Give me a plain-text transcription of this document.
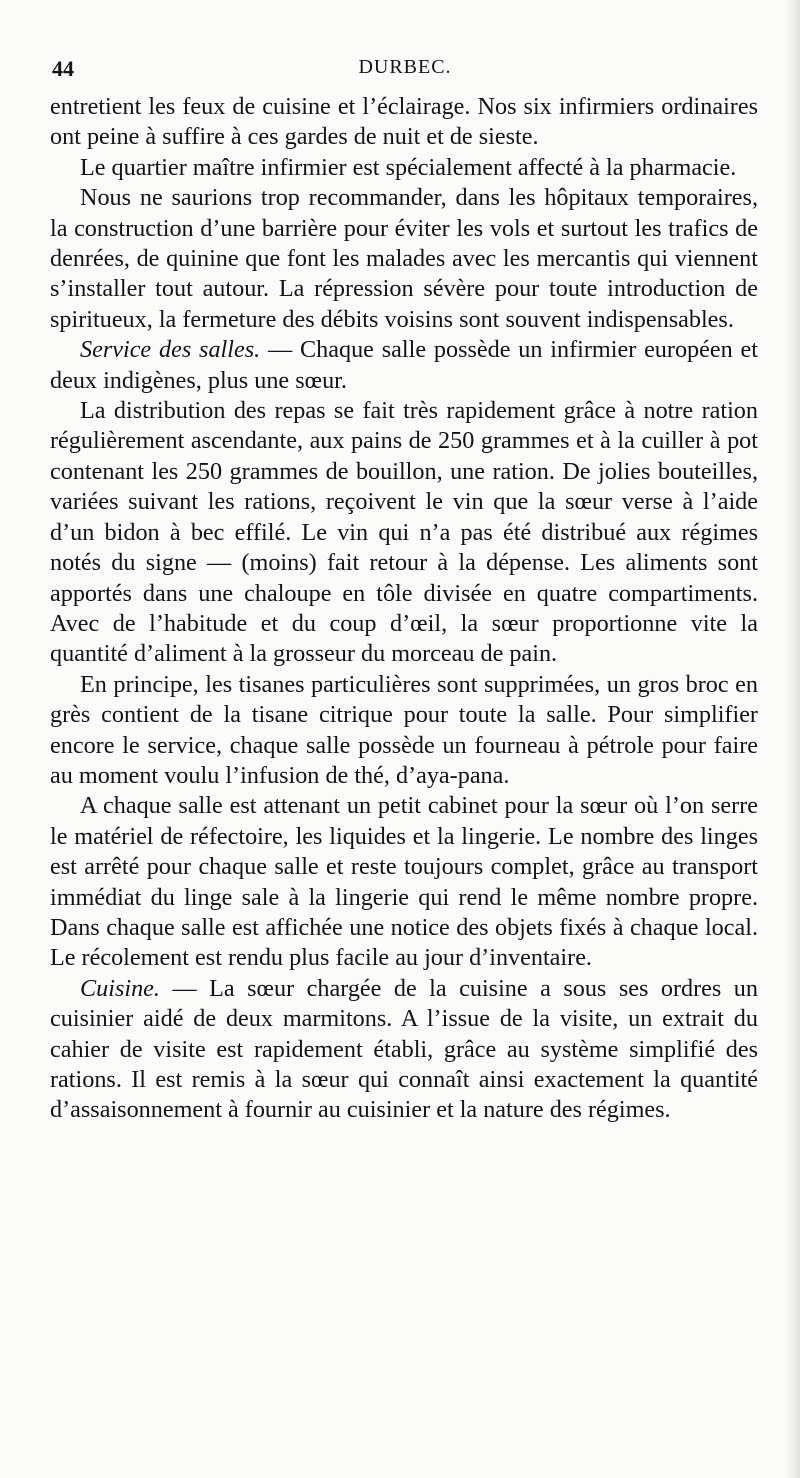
44	DURBEC.

entretient les feux de cuisine et l’éclairage. Nos six infirmiers ordinaires ont peine à suffire à ces gardes de nuit et de sieste.

Le quartier maître infirmier est spécialement affecté à la pharmacie.

Nous ne saurions trop recommander, dans les hôpitaux temporaires, la construction d’une barrière pour éviter les vols et surtout les trafics de denrées, de quinine que font les malades avec les mercantis qui viennent s’installer tout autour. La répression sévère pour toute introduction de spiritueux, la fermeture des débits voisins sont souvent indispensables.

Service des salles. — Chaque salle possède un infirmier européen et deux indigènes, plus une sœur.

La distribution des repas se fait très rapidement grâce à notre ration régulièrement ascendante, aux pains de 250 grammes et à la cuiller à pot contenant les 250 grammes de bouillon, une ration. De jolies bouteilles, variées suivant les rations, reçoivent le vin que la sœur verse à l’aide d’un bidon à bec effilé. Le vin qui n’a pas été distribué aux régimes notés du signe — (moins) fait retour à la dépense. Les aliments sont apportés dans une chaloupe en tôle divisée en quatre compartiments. Avec de l’habitude et du coup d’œil, la sœur proportionne vite la quantité d’aliment à la grosseur du morceau de pain.

En principe, les tisanes particulières sont supprimées, un gros broc en grès contient de la tisane citrique pour toute la salle. Pour simplifier encore le service, chaque salle possède un fourneau à pétrole pour faire au moment voulu l’infusion de thé, d’aya-pana.

A chaque salle est attenant un petit cabinet pour la sœur où l’on serre le matériel de réfectoire, les liquides et la lingerie. Le nombre des linges est arrêté pour chaque salle et reste toujours complet, grâce au transport immédiat du linge sale à la lingerie qui rend le même nombre propre. Dans chaque salle est affichée une notice des objets fixés à chaque local. Le récolement est rendu plus facile au jour d’inventaire.

Cuisine. — La sœur chargée de la cuisine a sous ses ordres un cuisinier aidé de deux marmitons. A l’issue de la visite, un extrait du cahier de visite est rapidement établi, grâce au système simplifié des rations. Il est remis à la sœur qui connaît ainsi exactement la quantité d’assaisonnement à fournir au cuisinier et la nature des régimes.
